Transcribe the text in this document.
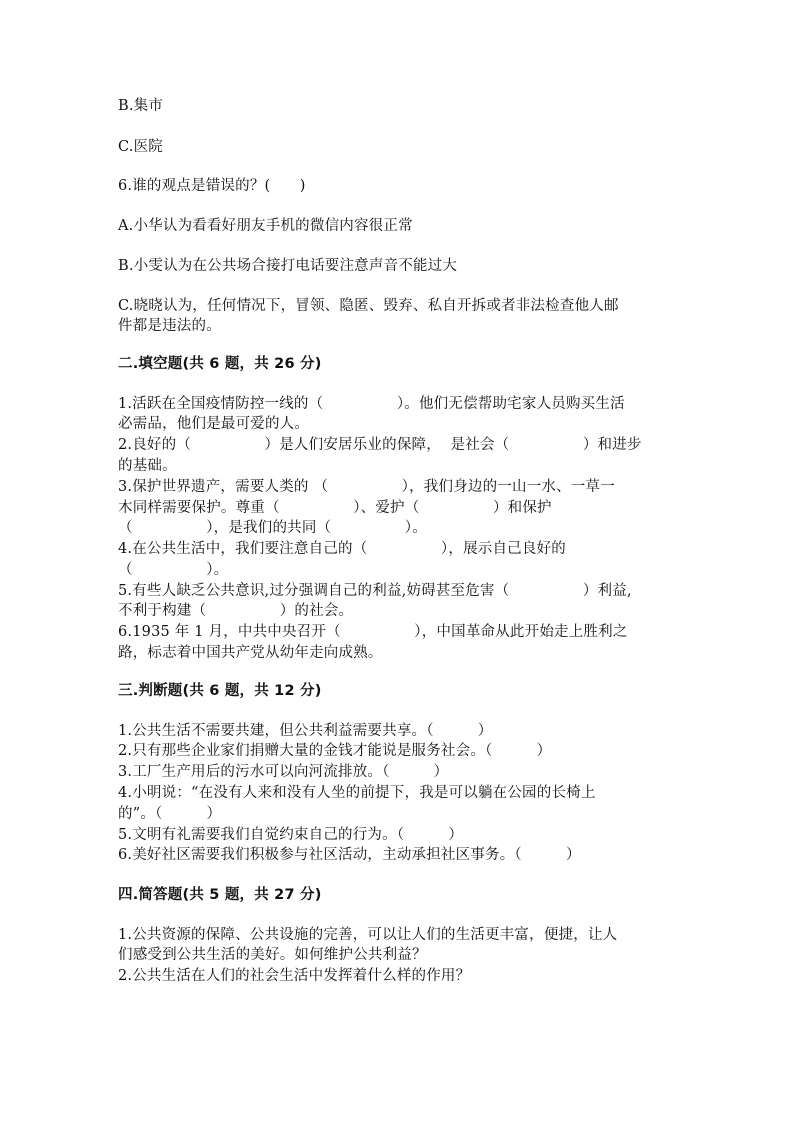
B.集市
C.医院
6.谁的观点是错误的？(　　)
A.小华认为看看好朋友手机的微信内容很正常
B.小雯认为在公共场合接打电话要注意声音不能过大
C.晓晓认为，任何情况下，冒领、隐匿、毁弃、私自开拆或者非法检查他人邮
件都是违法的。
二.填空题(共 6 题，共 26 分)
1.活跃在全国疫情防控一线的（　　　　　）。他们无偿帮助宅家人员购买生活
必需品，他们是最可爱的人。
2.良好的（　　　　　）是人们安居乐业的保障，  是社会（　　　　　）和进步
的基础。
3.保护世界遗产，需要人类的 （　　　　　），我们身边的一山一水、一草一
木同样需要保护。尊重（　　　　　）、爱护（　　　　　）和保护
（　　　　　），是我们的共同（　　　　　）。
4.在公共生活中，我们要注意自己的（　　　　　），展示自己良好的
（　　　　　）。
5.有些人缺乏公共意识,过分强调自己的利益,妨碍甚至危害（　　　　　）利益,
不利于构建（　　　　　）的社会。
6.1935 年 1 月，中共中央召开（　　　　　），中国革命从此开始走上胜利之
路，标志着中国共产党从幼年走向成熟。
三.判断题(共 6 题，共 12 分)
1.公共生活不需要共建，但公共利益需要共享。（　　　）
2.只有那些企业家们捐赠大量的金钱才能说是服务社会。（　　　）
3.工厂生产用后的污水可以向河流排放。（　　　）
4.小明说：“在没有人来和没有人坐的前提下，我是可以躺在公园的长椅上
的”。（　　　）
5.文明有礼需要我们自觉约束自己的行为。（　　　）
6.美好社区需要我们积极参与社区活动，主动承担社区事务。（　　　）
四.简答题(共 5 题，共 27 分)
1.公共资源的保障、公共设施的完善，可以让人们的生活更丰富，便捷，让人
们感受到公共生活的美好。如何维护公共利益？
2.公共生活在人们的社会生活中发挥着什么样的作用？
